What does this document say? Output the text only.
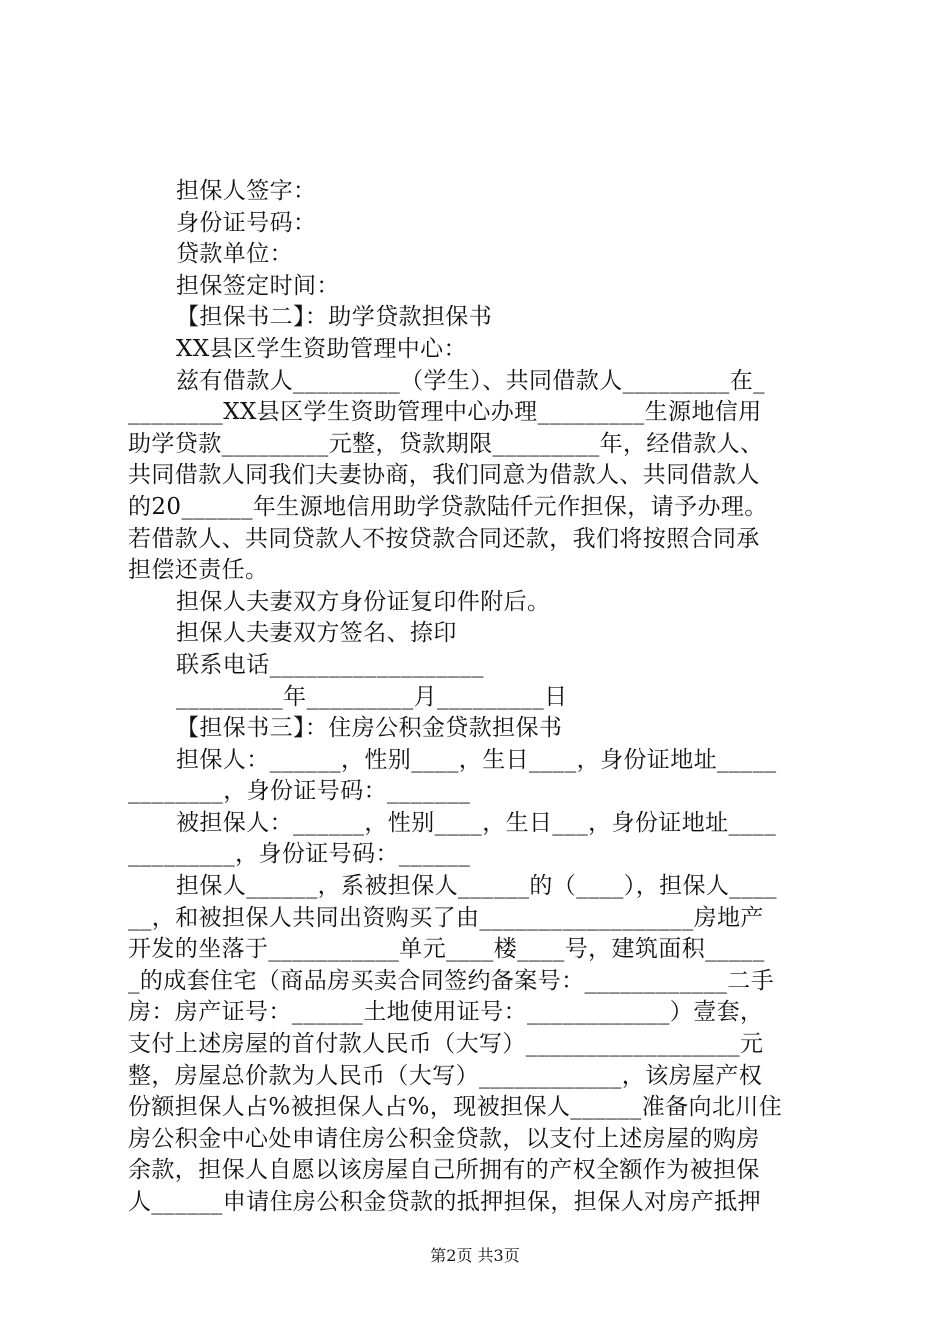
担保人签字：
身份证号码：
贷款单位：
担保签定时间：
【担保书二】：助学贷款担保书
XX县区学生资助管理中心：
兹有借款人_________（学生）、共同借款人_________在_
________XX县区学生资助管理中心办理_________生源地信用
助学贷款_________元整，贷款期限_________年，经借款人、
共同借款人同我们夫妻协商，我们同意为借款人、共同借款人
的20______年生源地信用助学贷款陆仟元作担保，请予办理。
若借款人、共同贷款人不按贷款合同还款，我们将按照合同承
担偿还责任。
担保人夫妻双方身份证复印件附后。
担保人夫妻双方签名、捺印
联系电话__________________
_________年_________月_________日
【担保书三】：住房公积金贷款担保书
担保人：______，性别____，生日____，身份证地址_____
________，身份证号码：_______
被担保人：______，性别____，生日___，身份证地址____
_________，身份证号码：______
担保人______，系被担保人______的（____），担保人____
__，和被担保人共同出资购买了由__________________房地产
开发的坐落于___________单元____楼____号，建筑面积_____
_的成套住宅（商品房买卖合同签约备案号：____________二手
房：房产证号：______土地使用证号：____________）壹套，
支付上述房屋的首付款人民币（大写）__________________元
整，房屋总价款为人民币（大写）____________，该房屋产权
份额担保人占%被担保人占%，现被担保人______准备向北川住
房公积金中心处申请住房公积金贷款，以支付上述房屋的购房
余款，担保人自愿以该房屋自己所拥有的产权全额作为被担保
人______申请住房公积金贷款的抵押担保，担保人对房产抵押
第2页 共3页
